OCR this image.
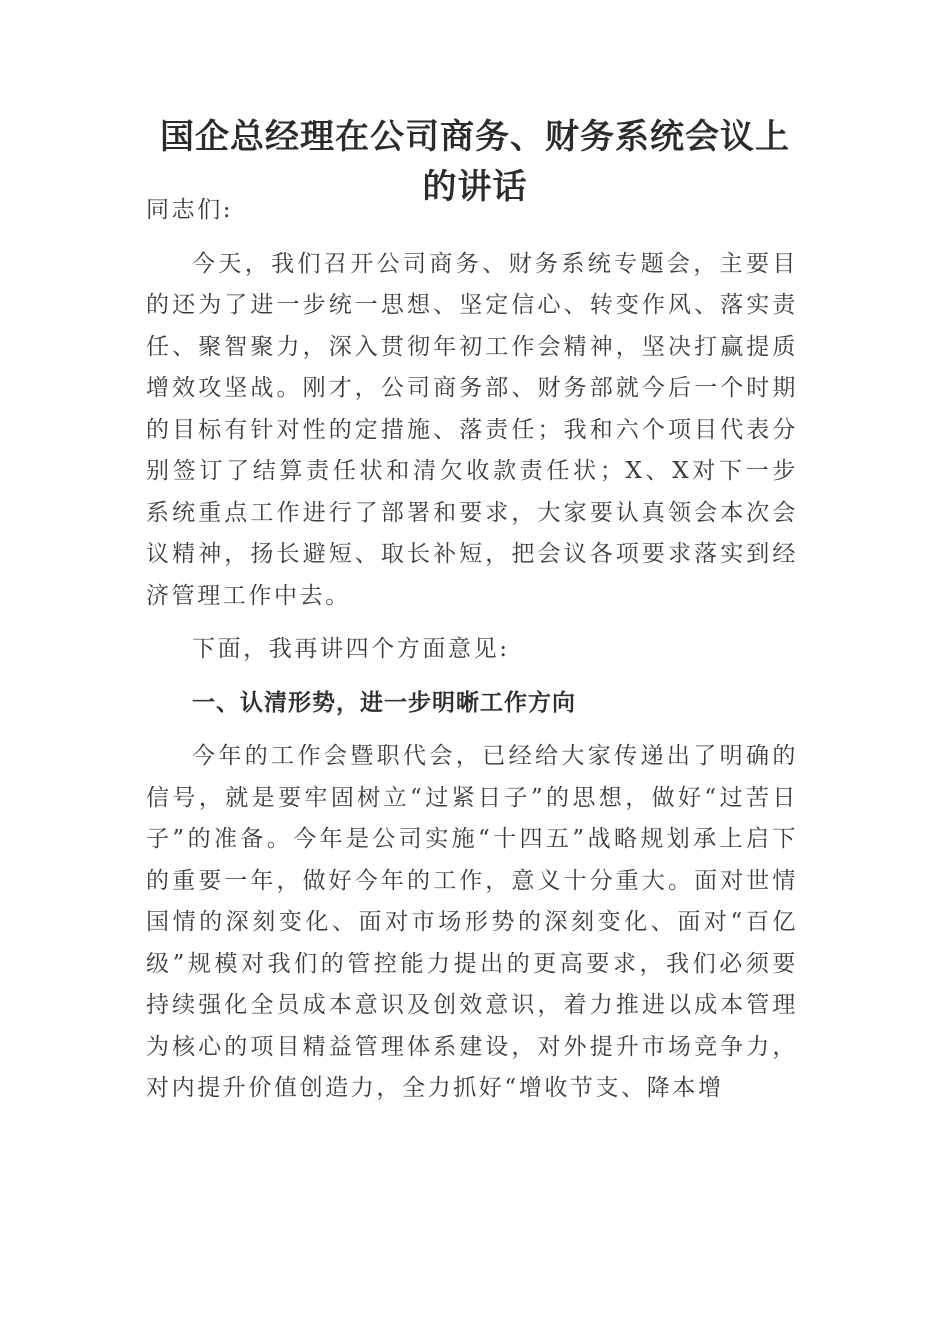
国企总经理在公司商务、财务系统会议上
的讲话

同志们:

今天，我们召开公司商务、财务系统专题会，主要目的还为了进一步统一思想、坚定信心、转变作风、落实责任、聚智聚力，深入贯彻年初工作会精神，坚决打赢提质增效攻坚战。刚才，公司商务部、财务部就今后一个时期的目标有针对性的定措施、落责任；我和六个项目代表分别签订了结算责任状和清欠收款责任状；X、X对下一步系统重点工作进行了部署和要求，大家要认真领会本次会议精神，扬长避短、取长补短，把会议各项要求落实到经济管理工作中去。

下面，我再讲四个方面意见:

一、认清形势，进一步明晰工作方向

今年的工作会暨职代会，已经给大家传递出了明确的信号，就是要牢固树立“过紧日子”的思想，做好“过苦日子”的准备。今年是公司实施“十四五”战略规划承上启下的重要一年，做好今年的工作，意义十分重大。面对世情国情的深刻变化、面对市场形势的深刻变化、面对“百亿级”规模对我们的管控能力提出的更高要求，我们必须要持续强化全员成本意识及创效意识，着力推进以成本管理为核心的项目精益管理体系建设，对外提升市场竞争力，对内提升价值创造力，全力抓好“增收节支、降本增
